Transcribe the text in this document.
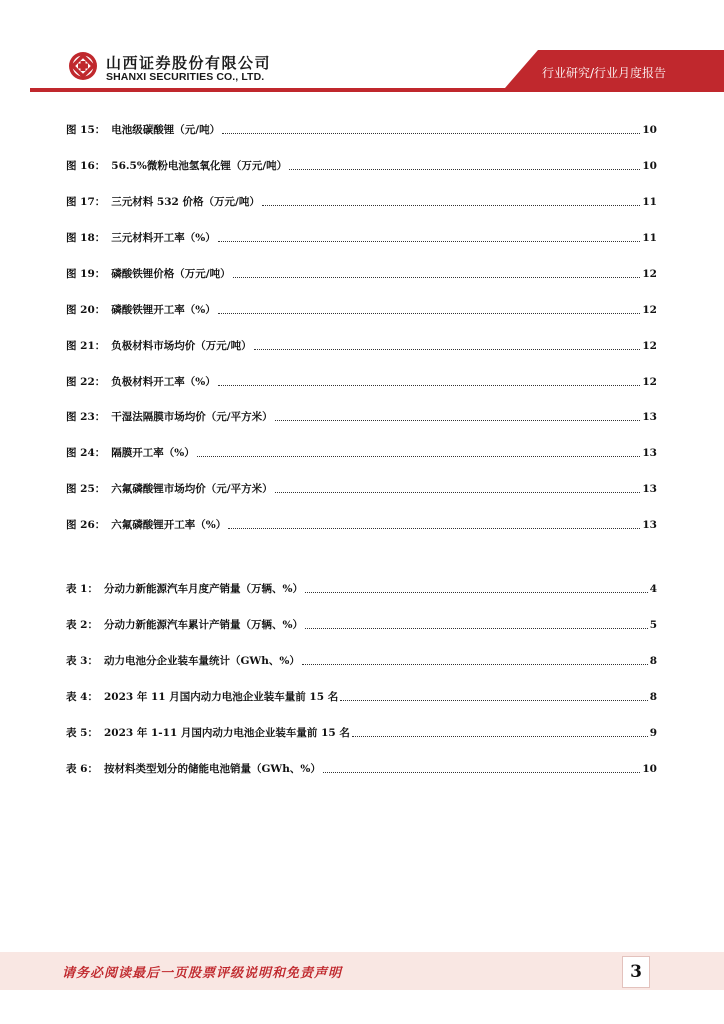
山西证券股份有限公司
SHANXI SECURITIES CO., LTD.	行业研究/行业月度报告
图 15： 电池级碳酸锂（元/吨）	10
图 16： 56.5%微粉电池氢氧化锂（万元/吨）	10
图 17： 三元材料 532 价格（万元/吨）	11
图 18： 三元材料开工率（%）	11
图 19： 磷酸铁锂价格（万元/吨）	12
图 20： 磷酸铁锂开工率（%）	12
图 21： 负极材料市场均价（万元/吨）	12
图 22： 负极材料开工率（%）	12
图 23： 干湿法隔膜市场均价（元/平方米）	13
图 24： 隔膜开工率（%）	13
图 25： 六氟磷酸锂市场均价（元/平方米）	13
图 26： 六氟磷酸锂开工率（%）	13
表 1： 分动力新能源汽车月度产销量（万辆、%）	4
表 2： 分动力新能源汽车累计产销量（万辆、%）	5
表 3： 动力电池分企业装车量统计（GWh、%）	8
表 4： 2023 年 11 月国内动力电池企业装车量前 15 名	8
表 5： 2023 年 1-11 月国内动力电池企业装车量前 15 名	9
表 6： 按材料类型划分的储能电池销量（GWh、%）	10
请务必阅读最后一页股票评级说明和免责声明	3
